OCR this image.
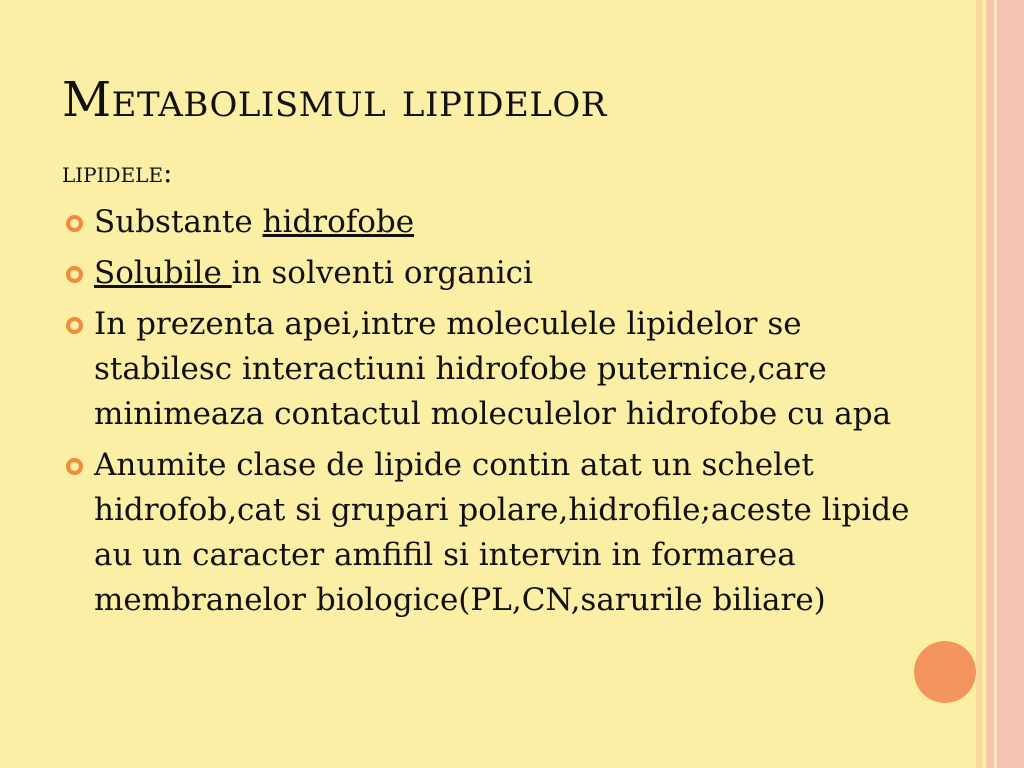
Metabolismul lipidelor
lipidele:
Substante hidrofobe
Solubile in solventi organici
In prezenta apei,intre moleculele lipidelor se stabilesc interactiuni hidrofobe puternice,care minimeaza contactul moleculelor hidrofobe cu apa
Anumite clase de lipide contin atat un schelet hidrofob,cat si grupari polare,hidrofile;aceste lipide au un caracter amfifil si intervin in formarea membranelor biologice(PL,CN,sarurile biliare)
